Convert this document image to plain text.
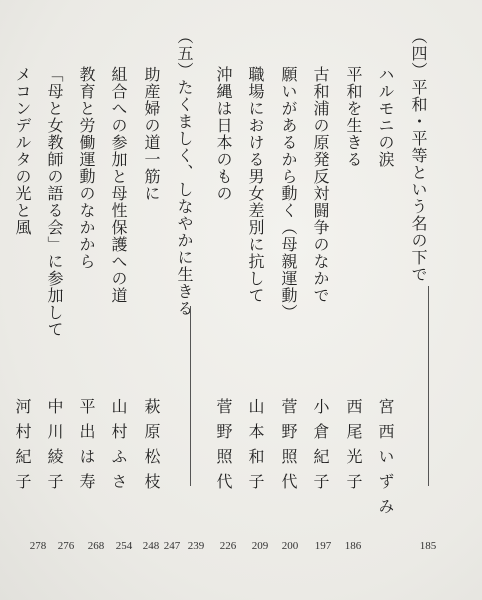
（四）平和・平等という名の下で
185
ハルモニの涙
宮西いずみ
平和を生きる
西尾光子
186
古和浦の原発反対闘争のなかで
小倉紀子
願いがあるから動く（母親運動）
菅野照代
197
職場における男女差別に抗して
山本和子
200
沖縄は日本のもの
菅野照代
209
226
239
（五）たくましく、しなやかに生きる
247
助産婦の道一筋に
萩原松枝
248
組合への参加と母性保護への道
山村ふさ
254
教育と労働運動のなかから
平出は寿
268
「母と女教師の語る会」に参加して
中川綾子
276
メコンデルタの光と風
河村紀子
278
